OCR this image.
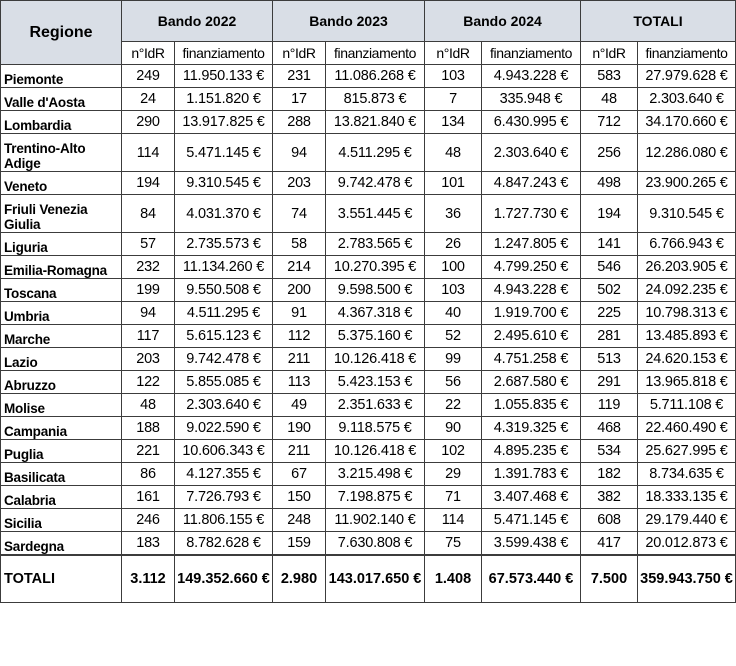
Regione	Bando 2022		Bando 2023		Bando 2024		TOTALI	
	n°IdR	finanziamento	n°IdR	finanziamento	n°IdR	finanziamento	n°IdR	finanziamento
Piemonte	249	11.950.133 €	231	11.086.268 €	103	4.943.228 €	583	27.979.628 €
Valle d'Aosta	24	1.151.820 €	17	815.873 €	7	335.948 €	48	2.303.640 €
Lombardia	290	13.917.825 €	288	13.821.840 €	134	6.430.995 €	712	34.170.660 €
Trentino-Alto Adige	114	5.471.145 €	94	4.511.295 €	48	2.303.640 €	256	12.286.080 €
Veneto	194	9.310.545 €	203	9.742.478 €	101	4.847.243 €	498	23.900.265 €
Friuli Venezia Giulia	84	4.031.370 €	74	3.551.445 €	36	1.727.730 €	194	9.310.545 €
Liguria	57	2.735.573 €	58	2.783.565 €	26	1.247.805 €	141	6.766.943 €
Emilia-Romagna	232	11.134.260 €	214	10.270.395 €	100	4.799.250 €	546	26.203.905 €
Toscana	199	9.550.508 €	200	9.598.500 €	103	4.943.228 €	502	24.092.235 €
Umbria	94	4.511.295 €	91	4.367.318 €	40	1.919.700 €	225	10.798.313 €
Marche	117	5.615.123 €	112	5.375.160 €	52	2.495.610 €	281	13.485.893 €
Lazio	203	9.742.478 €	211	10.126.418 €	99	4.751.258 €	513	24.620.153 €
Abruzzo	122	5.855.085 €	113	5.423.153 €	56	2.687.580 €	291	13.965.818 €
Molise	48	2.303.640 €	49	2.351.633 €	22	1.055.835 €	119	5.711.108 €
Campania	188	9.022.590 €	190	9.118.575 €	90	4.319.325 €	468	22.460.490 €
Puglia	221	10.606.343 €	211	10.126.418 €	102	4.895.235 €	534	25.627.995 €
Basilicata	86	4.127.355 €	67	3.215.498 €	29	1.391.783 €	182	8.734.635 €
Calabria	161	7.726.793 €	150	7.198.875 €	71	3.407.468 €	382	18.333.135 €
Sicilia	246	11.806.155 €	248	11.902.140 €	114	5.471.145 €	608	29.179.440 €
Sardegna	183	8.782.628 €	159	7.630.808 €	75	3.599.438 €	417	20.012.873 €
TOTALI	3.112	149.352.660 €	2.980	143.017.650 €	1.408	67.573.440 €	7.500	359.943.750 €
